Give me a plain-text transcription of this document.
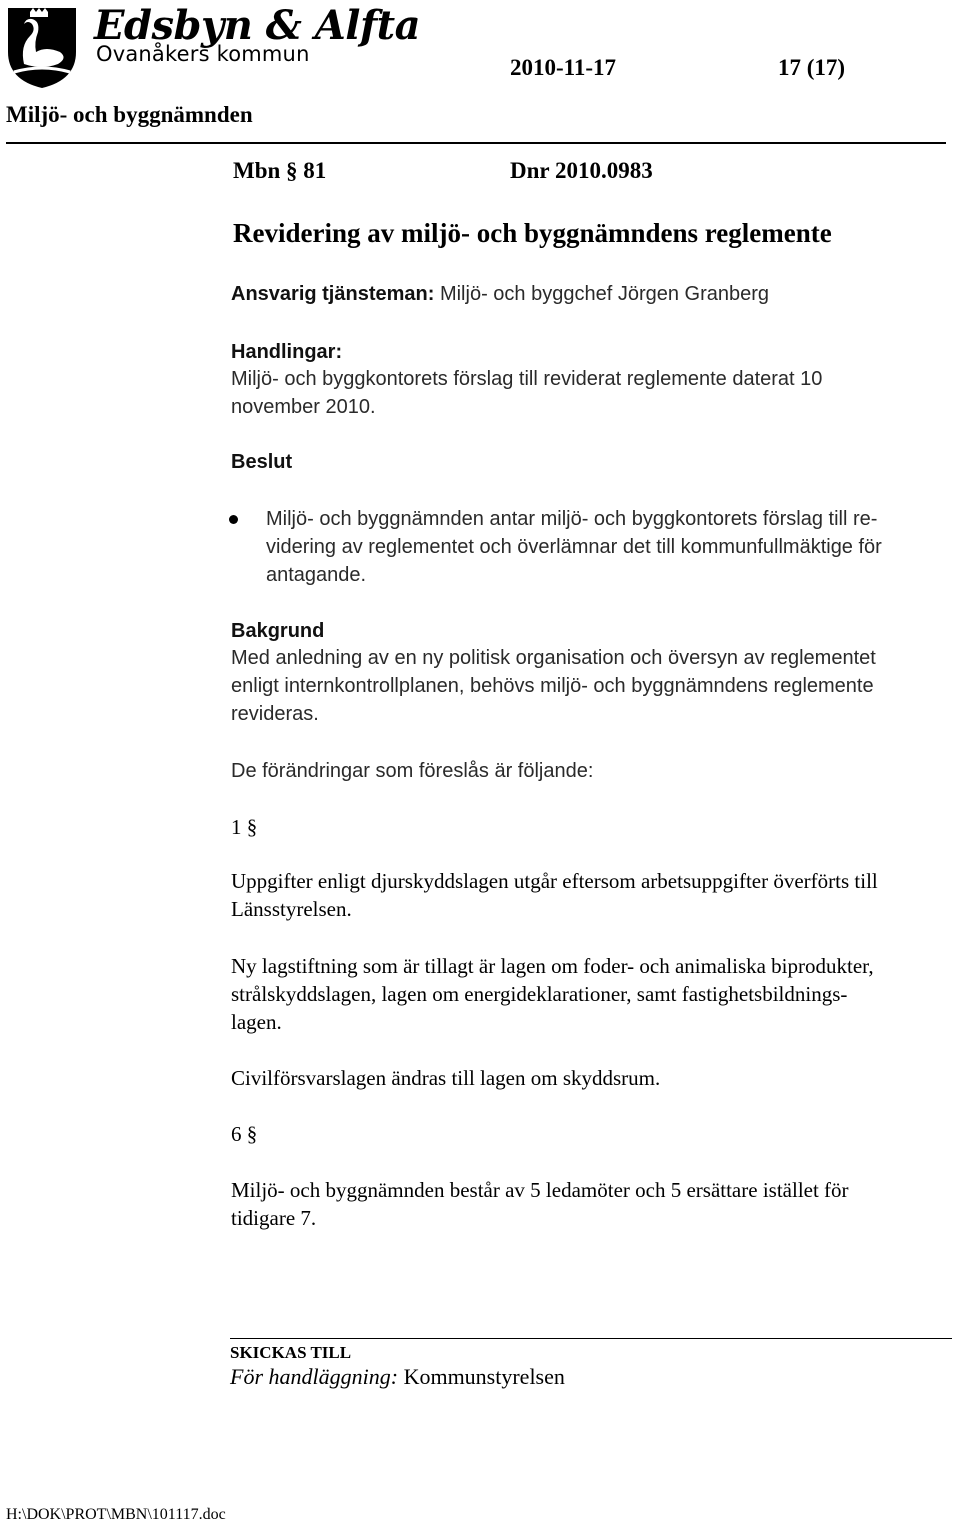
Edsbyn & Alfta
Ovanåkers kommun
2010-11-17	17 (17)
Miljö- och byggnämnden
Mbn § 81	Dnr 2010.0983
Revidering av miljö- och byggnämndens reglemente
Ansvarig tjänsteman: Miljö- och byggchef Jörgen Granberg
Handlingar:
Miljö- och byggkontorets förslag till reviderat reglemente daterat 10
november 2010.
Beslut
Miljö- och byggnämnden antar miljö- och byggkontorets förslag till re-
videring av reglementet och överlämnar det till kommunfullmäktige för
antagande.
Bakgrund
Med anledning av en ny politisk organisation och översyn av reglementet
enligt internkontrollplanen, behövs miljö- och byggnämndens reglemente
revideras.
De förändringar som föreslås är följande:
1 §
Uppgifter enligt djurskyddslagen utgår eftersom arbetsuppgifter överförts till
Länsstyrelsen.
Ny lagstiftning som är tillagt är lagen om foder- och animaliska biprodukter,
strålskyddslagen, lagen om energideklarationer, samt fastighetsbildnings-
lagen.
Civilförsvarslagen ändras till lagen om skyddsrum.
6 §
Miljö- och byggnämnden består av 5 ledamöter och 5 ersättare istället för
tidigare 7.
SKICKAS TILL
För handläggning: Kommunstyrelsen
H:\DOK\PROT\MBN\101117.doc
